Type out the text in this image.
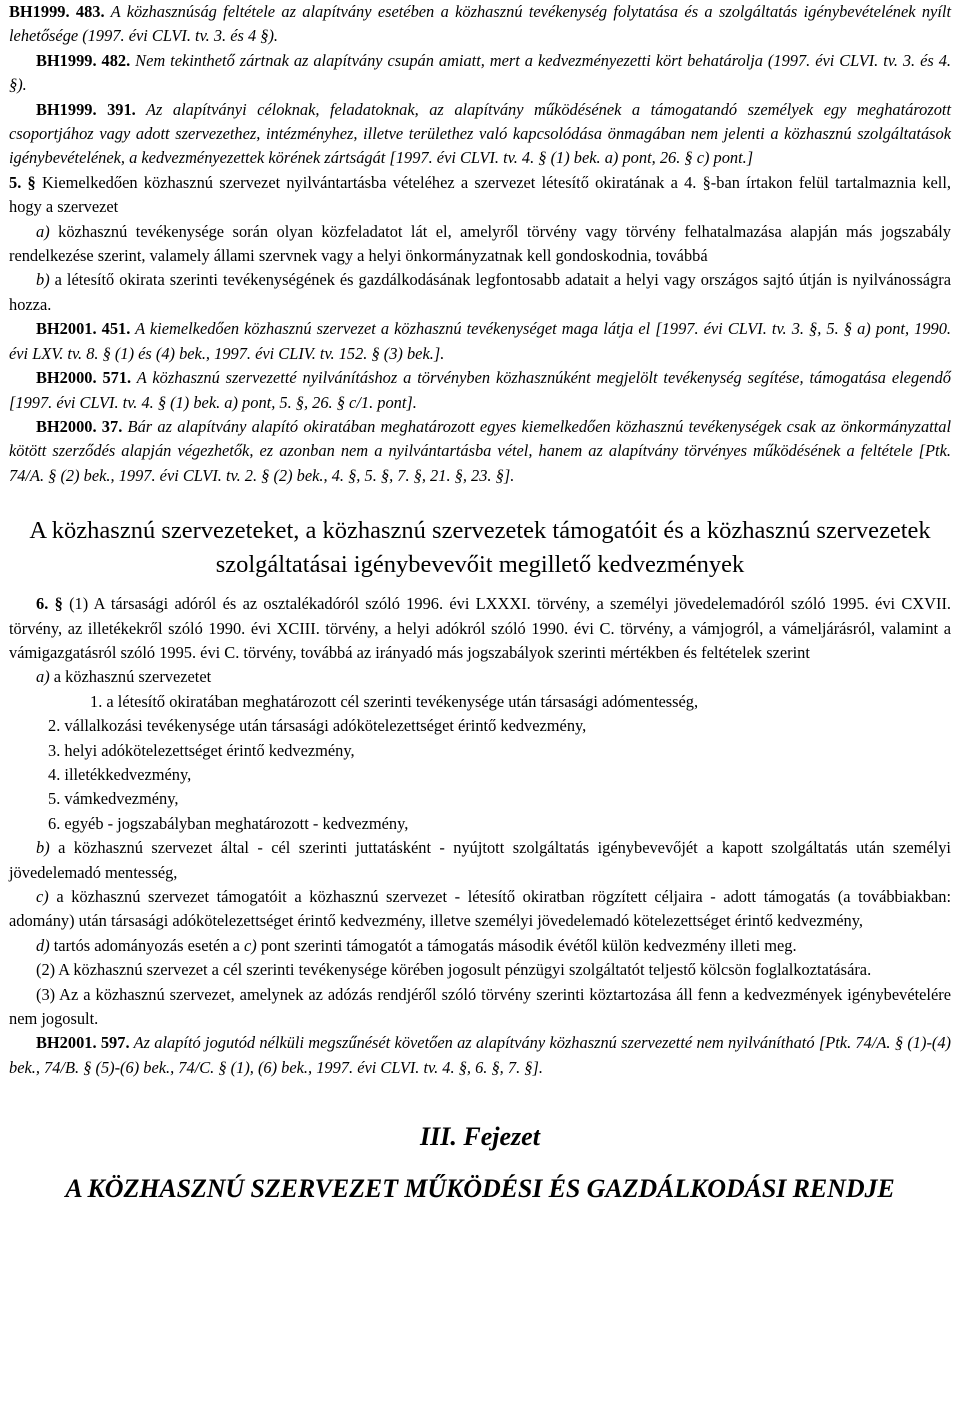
BH1999. 483. A közhasznúság feltétele az alapítvány esetében a közhasznú tevékenység folytatása és a szolgáltatás igénybevételének nyílt lehetősége (1997. évi CLVI. tv. 3. és 4 §).

BH1999. 482. Nem tekinthető zártnak az alapítvány csupán amiatt, mert a kedvezményezetti kört behatárolja (1997. évi CLVI. tv. 3. és 4. §).

BH1999. 391. Az alapítványi céloknak, feladatoknak, az alapítvány működésének a támogatandó személyek egy meghatározott csoportjához vagy adott szervezethez, intézményhez, illetve területhez való kapcsolódása önmagában nem jelenti a közhasznú szolgáltatások igénybevételének, a kedvezményezettek körének zártságát [1997. évi CLVI. tv. 4. § (1) bek. a) pont, 26. § c) pont.]

5. § Kiemelkedően közhasznú szervezet nyilvántartásba vételéhez a szervezet létesítő okiratának a 4. §-ban írtakon felül tartalmaznia kell, hogy a szervezet

a) közhasznú tevékenysége során olyan közfeladatot lát el, amelyről törvény vagy törvény felhatalmazása alapján más jogszabály rendelkezése szerint, valamely állami szervnek vagy a helyi önkormányzatnak kell gondoskodnia, továbbá

b) a létesítő okirata szerinti tevékenységének és gazdálkodásának legfontosabb adatait a helyi vagy országos sajtó útján is nyilvánosságra hozza.

BH2001. 451. A kiemelkedően közhasznú szervezet a közhasznú tevékenységet maga látja el [1997. évi CLVI. tv. 3. §, 5. § a) pont, 1990. évi LXV. tv. 8. § (1) és (4) bek., 1997. évi CLIV. tv. 152. § (3) bek.].

BH2000. 571. A közhasznú szervezetté nyilvánításhoz a törvényben közhasznúként megjelölt tevékenység segítése, támogatása elegendő [1997. évi CLVI. tv. 4. § (1) bek. a) pont, 5. §, 26. § c/1. pont].

BH2000. 37. Bár az alapítvány alapító okiratában meghatározott egyes kiemelkedően közhasznú tevékenységek csak az önkormányzattal kötött szerződés alapján végezhetők, ez azonban nem a nyilvántartásba vétel, hanem az alapítvány törvényes működésének a feltétele [Ptk. 74/A. § (2) bek., 1997. évi CLVI. tv. 2. § (2) bek., 4. §, 5. §, 7. §, 21. §, 23. §].

A közhasznú szervezeteket, a közhasznú szervezetek támogatóit és a közhasznú szervezetek szolgáltatásai igénybevevőit megillető kedvezmények

6. § (1) A társasági adóról és az osztalékadóról szóló 1996. évi LXXXI. törvény, a személyi jövedelemadóról szóló 1995. évi CXVII. törvény, az illetékekről szóló 1990. évi XCIII. törvény, a helyi adókról szóló 1990. évi C. törvény, a vámjogról, a vámeljárásról, valamint a vámigazgatásról szóló 1995. évi C. törvény, továbbá az irányadó más jogszabályok szerinti mértékben és feltételek szerint

a) a közhasznú szervezetet

1. a létesítő okiratában meghatározott cél szerinti tevékenysége után társasági adómentesség,

2. vállalkozási tevékenysége után társasági adókötelezettséget érintő kedvezmény,

3. helyi adókötelezettséget érintő kedvezmény,

4. illetékkedvezmény,

5. vámkedvezmény,

6. egyéb - jogszabályban meghatározott - kedvezmény,

b) a közhasznú szervezet által - cél szerinti juttatásként - nyújtott szolgáltatás igénybevevőjét a kapott szolgáltatás után személyi jövedelemadó mentesség,

c) a közhasznú szervezet támogatóit a közhasznú szervezet - létesítő okiratban rögzített céljaira - adott támogatás (a továbbiakban: adomány) után társasági adókötelezettséget érintő kedvezmény, illetve személyi jövedelemadó kötelezettséget érintő kedvezmény,

d) tartós adományozás esetén a c) pont szerinti támogatót a támogatás második évétől külön kedvezmény illeti meg.

(2) A közhasznú szervezet a cél szerinti tevékenysége körében jogosult pénzügyi szolgáltatót teljestő kölcsön foglalkoztatására.

(3) Az a közhasznú szervezet, amelynek az adózás rendjéről szóló törvény szerinti köztartozása áll fenn a kedvezmények igénybevételére nem jogosult.

BH2001. 597. Az alapító jogutód nélküli megszűnését követően az alapítvány közhasznú szervezetté nem nyilvánítható [Ptk. 74/A. § (1)-(4) bek., 74/B. § (5)-(6) bek., 74/C. § (1), (6) bek., 1997. évi CLVI. tv. 4. §, 6. §, 7. §].

III. Fejezet

A KÖZHASZNÚ SZERVEZET MŰKÖDÉSI ÉS GAZDÁLKODÁSI RENDJE
